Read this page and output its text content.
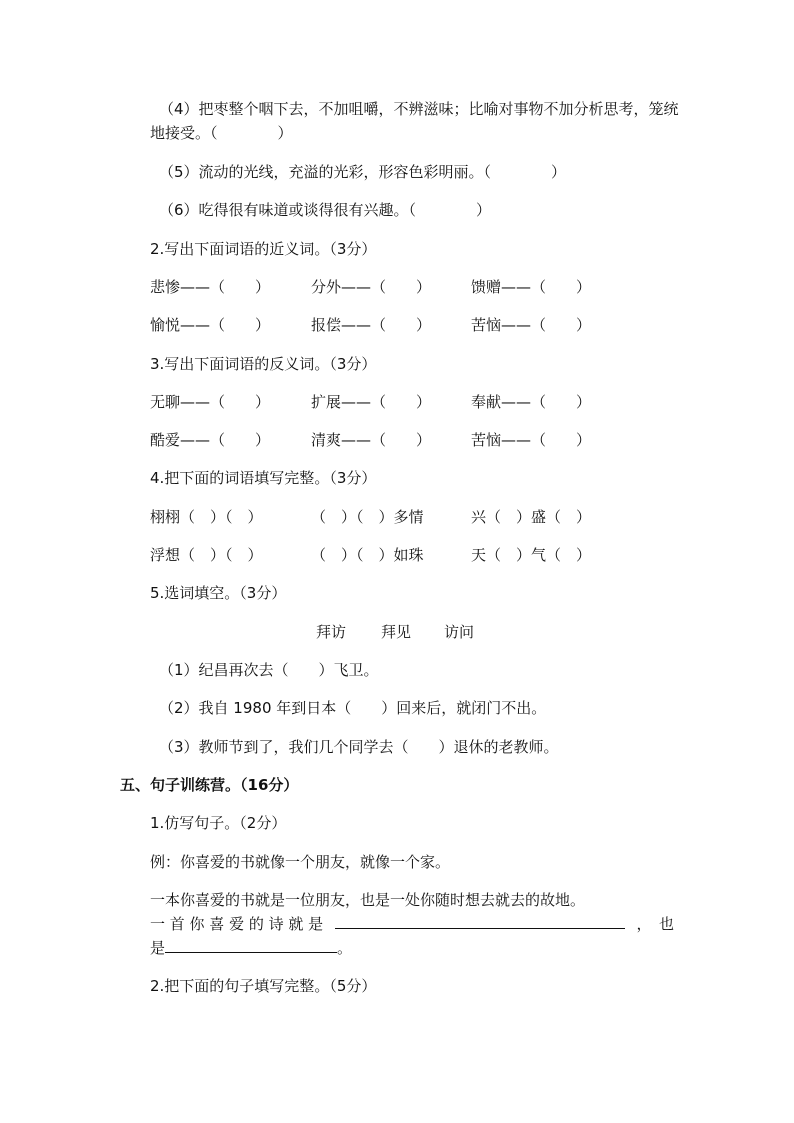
（4）把枣整个咽下去，不加咀嚼，不辨滋味；比喻对事物不加分析思考，笼统
地接受。（　　　　）
（5）流动的光线，充溢的光彩，形容色彩明丽。（　　　　）
（6）吃得很有味道或谈得很有兴趣。（　　　　）
2.写出下面词语的近义词。（3分）
悲惨——（　　）	分外——（　　）	馈赠——（　　）
愉悦——（　　）	报偿——（　　）	苦恼——（　　）
3.写出下面词语的反义词。（3分）
无聊——（　　）	扩展——（　　）	奉献——（　　）
酷爱——（　　）	清爽——（　　）	苦恼——（　　）
4.把下面的词语填写完整。（3分）
栩栩（　）（　）	（　）（　）多情	兴（　）盛（　）
浮想（　）（　）	（　）（　）如珠	天（　）气（　）
5.选词填空。（3分）
拜访 拜见 访问
（1）纪昌再次去（　　）飞卫。
（2）我自 1980 年到日本（　　）回来后，就闭门不出。
（3）教师节到了，我们几个同学去（　　）退休的老教师。
五、句子训练营。（16分）
1.仿写句子。（2分）
例：你喜爱的书就像一个朋友，就像一个家。
一本你喜爱的书就是一位朋友，也是一处你随时想去就去的故地。
一 首 你 喜 爱 的 诗 就 是	，　也
是	。
2.把下面的句子填写完整。（5分）
